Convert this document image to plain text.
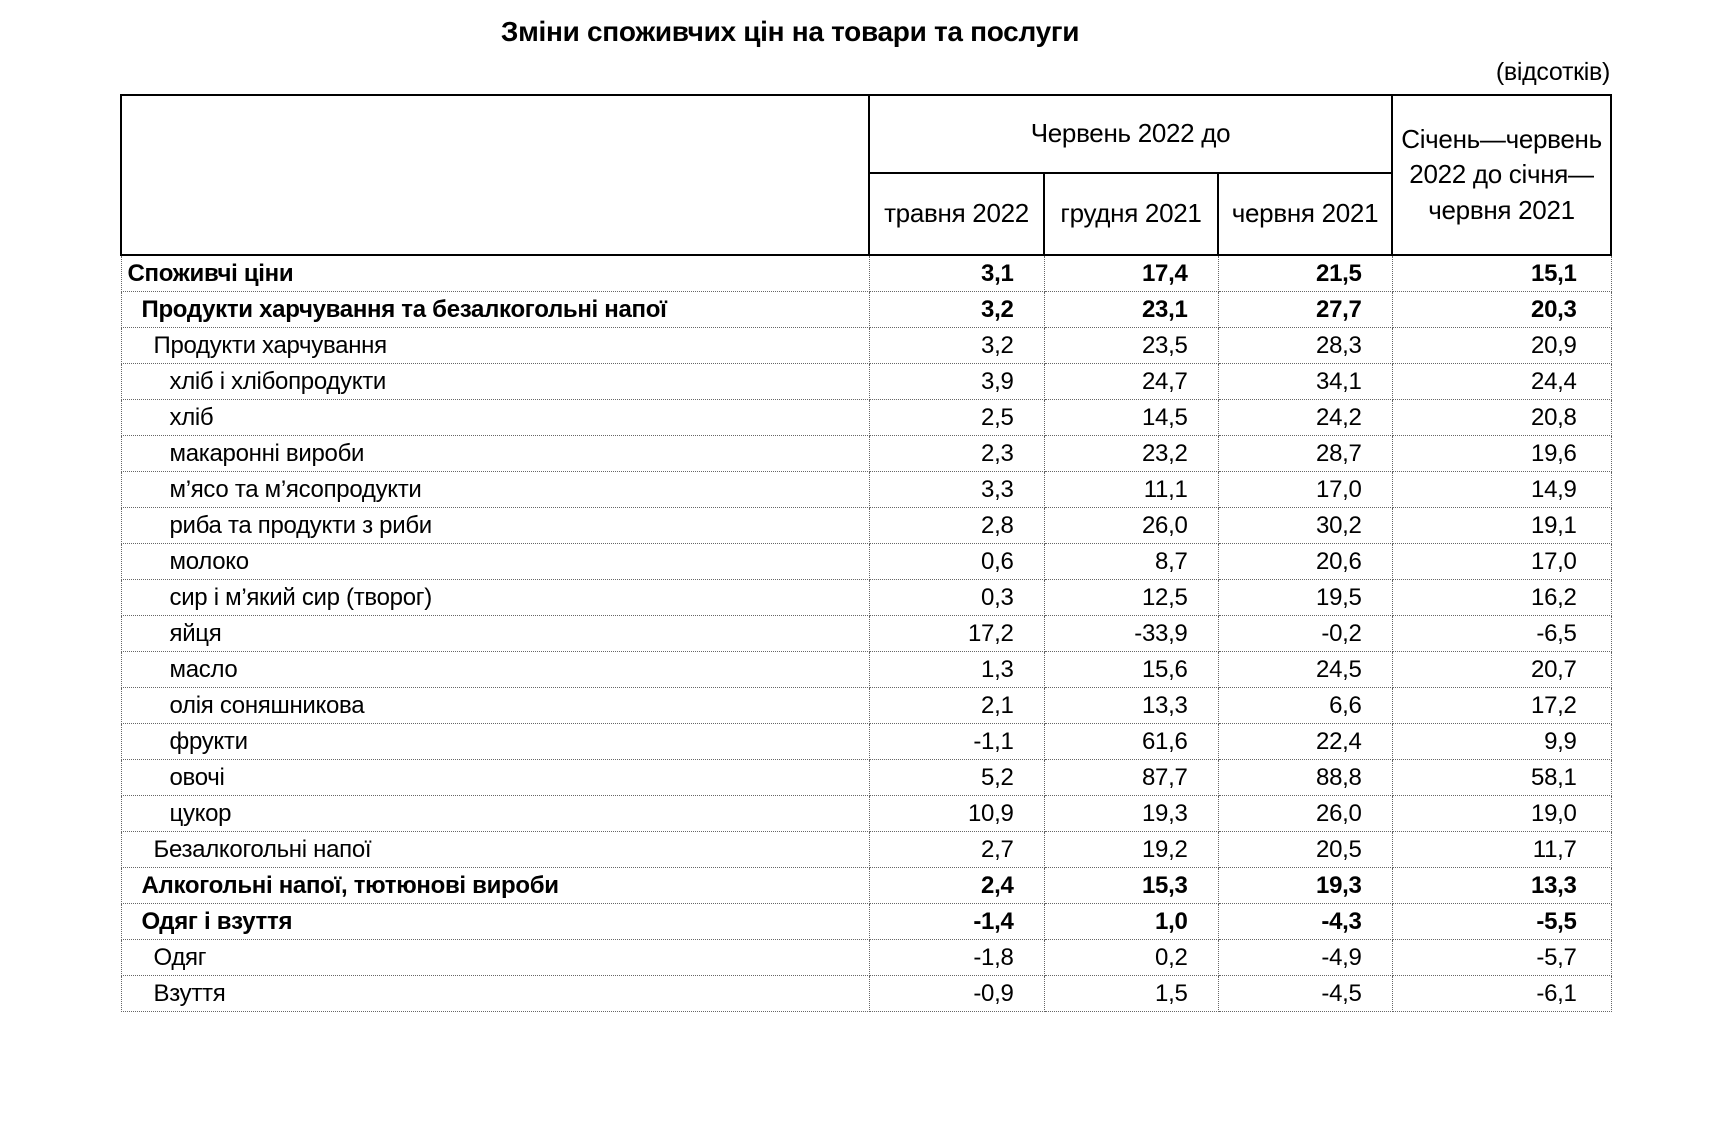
Зміни споживчих цін на товари та послуги
(відсотків)
	Червень 2022 до			Січень—червень 2022 до січня—червня 2021
	травня 2022	грудня 2021	червня 2021	
Споживчі ціни	3,1	17,4	21,5	15,1
Продукти харчування та безалкогольні напої	3,2	23,1	27,7	20,3
Продукти харчування	3,2	23,5	28,3	20,9
хліб і хлібопродукти	3,9	24,7	34,1	24,4
хліб	2,5	14,5	24,2	20,8
макаронні вироби	2,3	23,2	28,7	19,6
м’ясо та м’ясопродукти	3,3	11,1	17,0	14,9
риба та продукти з риби	2,8	26,0	30,2	19,1
молоко	0,6	8,7	20,6	17,0
сир і м’який сир (творог)	0,3	12,5	19,5	16,2
яйця	17,2	-33,9	-0,2	-6,5
масло	1,3	15,6	24,5	20,7
олія соняшникова	2,1	13,3	6,6	17,2
фрукти	-1,1	61,6	22,4	9,9
овочі	5,2	87,7	88,8	58,1
цукор	10,9	19,3	26,0	19,0
Безалкогольні напої	2,7	19,2	20,5	11,7
Алкогольні напої, тютюнові вироби	2,4	15,3	19,3	13,3
Одяг і взуття	-1,4	1,0	-4,3	-5,5
Одяг	-1,8	0,2	-4,9	-5,7
Взуття	-0,9	1,5	-4,5	-6,1
